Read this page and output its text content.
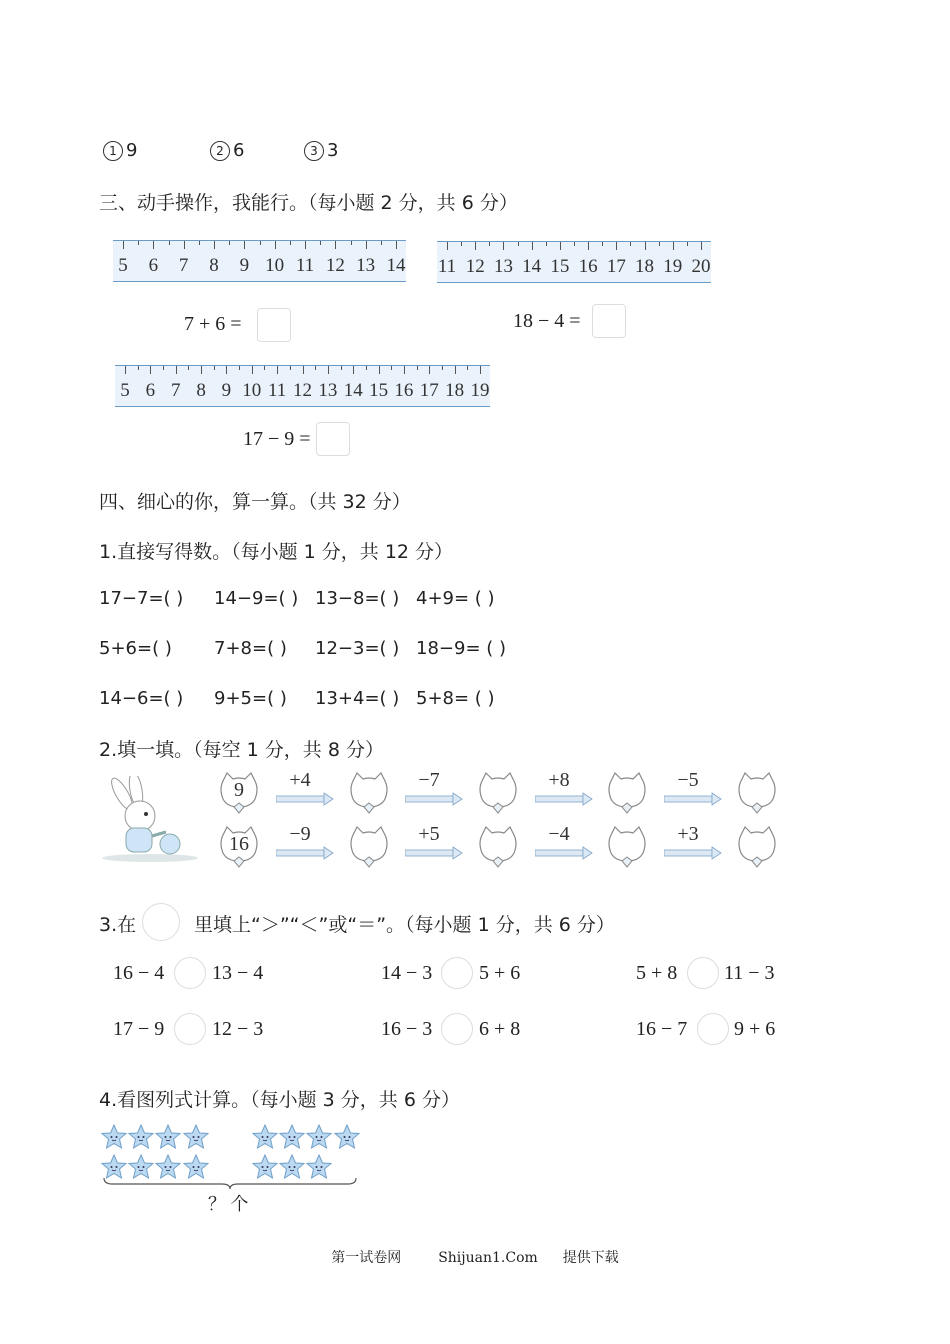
1 9	2 6	3 3
三、动手操作，我能行。（每小题 2 分，共 6 分）
5 6 7 8 9 10 11 12 13 14 11 12 13 14 15 16 17 18 19 20
5 6 7 8 9 10 11 12 13 14 15 16 17 18 19
7 + 6 =	18 − 4 =
17 − 9 =
四、细心的你，算一算。（共 32 分）
1.直接写得数。（每小题 1 分，共 12 分）
17−7=( ) 14−9=( ) 13−8=( ) 4+9= ( )
5+6=( ) 7+8=( ) 12−3=( ) 18−9= ( )
14−6=( ) 9+5=( ) 13+4=( ) 5+8= ( )
2.填一填。（每空 1 分，共 8 分）
9 +4	−7	+8	−5
16 −9	+5	−4	+3
3.在	里填上“＞”“＜”或“＝”。（每小题 1 分，共 6 分）
16 − 4 13 − 4	14 − 3 5 + 6	5 + 8 11 − 3
17 − 9 12 − 3	16 − 3 6 + 8	16 − 7 9 + 6
4.看图列式计算。（每小题 3 分，共 6 分）
？ 个
第一试卷网	Shijuan1.Com 提供下载
